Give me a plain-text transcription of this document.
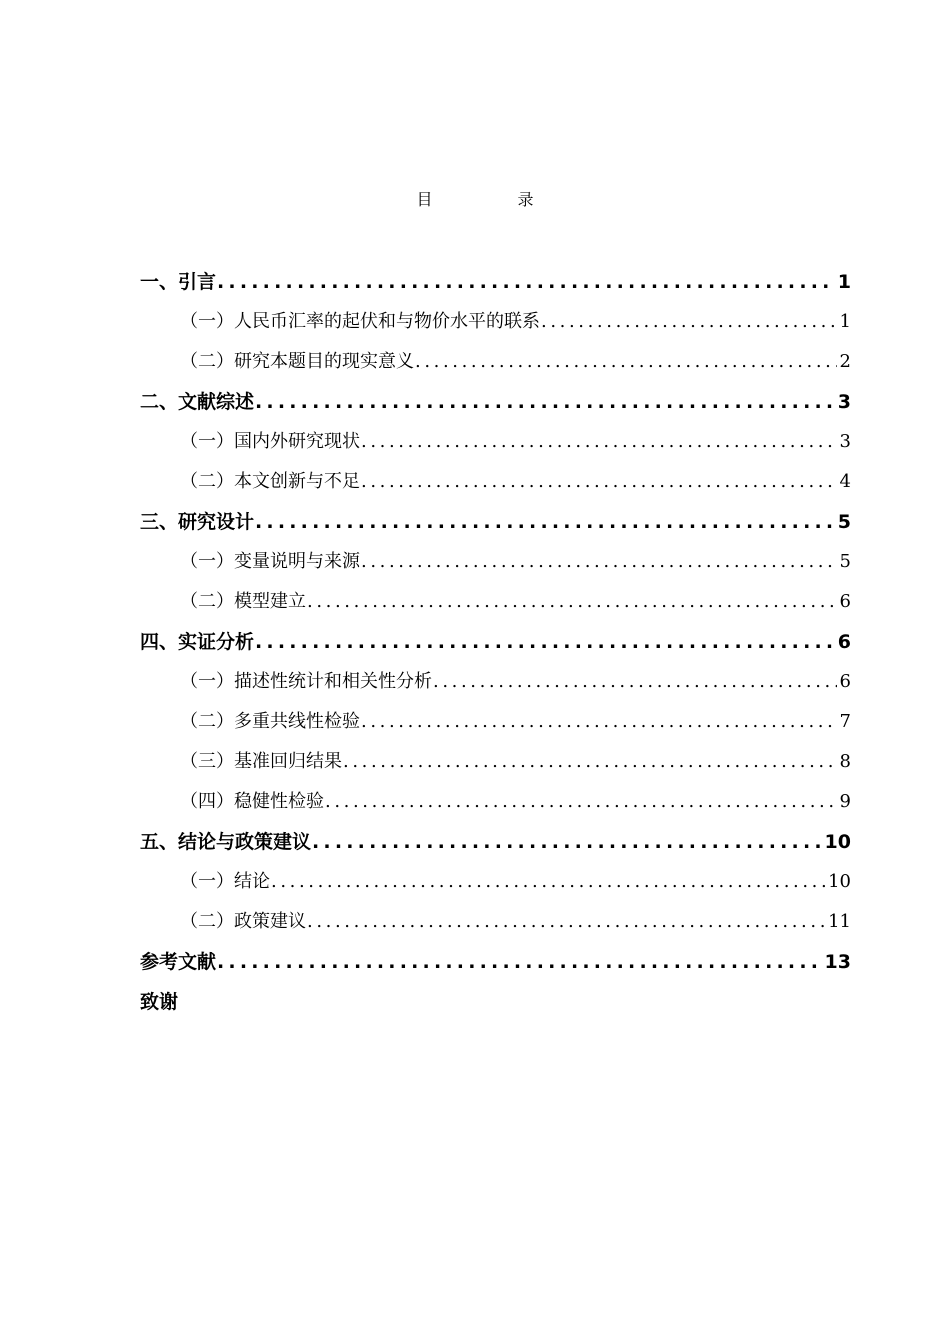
目 录
一、引言 .....	1
（一）人民币汇率的起伏和与物价水平的联系 .....	1
（二）研究本题目的现实意义 .....	2
二、文献综述 .....	3
（一）国内外研究现状 .....	3
（二）本文创新与不足 .....	4
三、研究设计 .....	5
（一）变量说明与来源 .....	5
（二）模型建立 .....	6
四、实证分析 .....	6
（一）描述性统计和相关性分析 .....	6
（二）多重共线性检验 .....	7
（三）基准回归结果 .....	8
（四）稳健性检验 .....	9
五、结论与政策建议 .....	10
（一）结论 .....	10
（二）政策建议 .....	11
参考文献 .....	13
致谢
